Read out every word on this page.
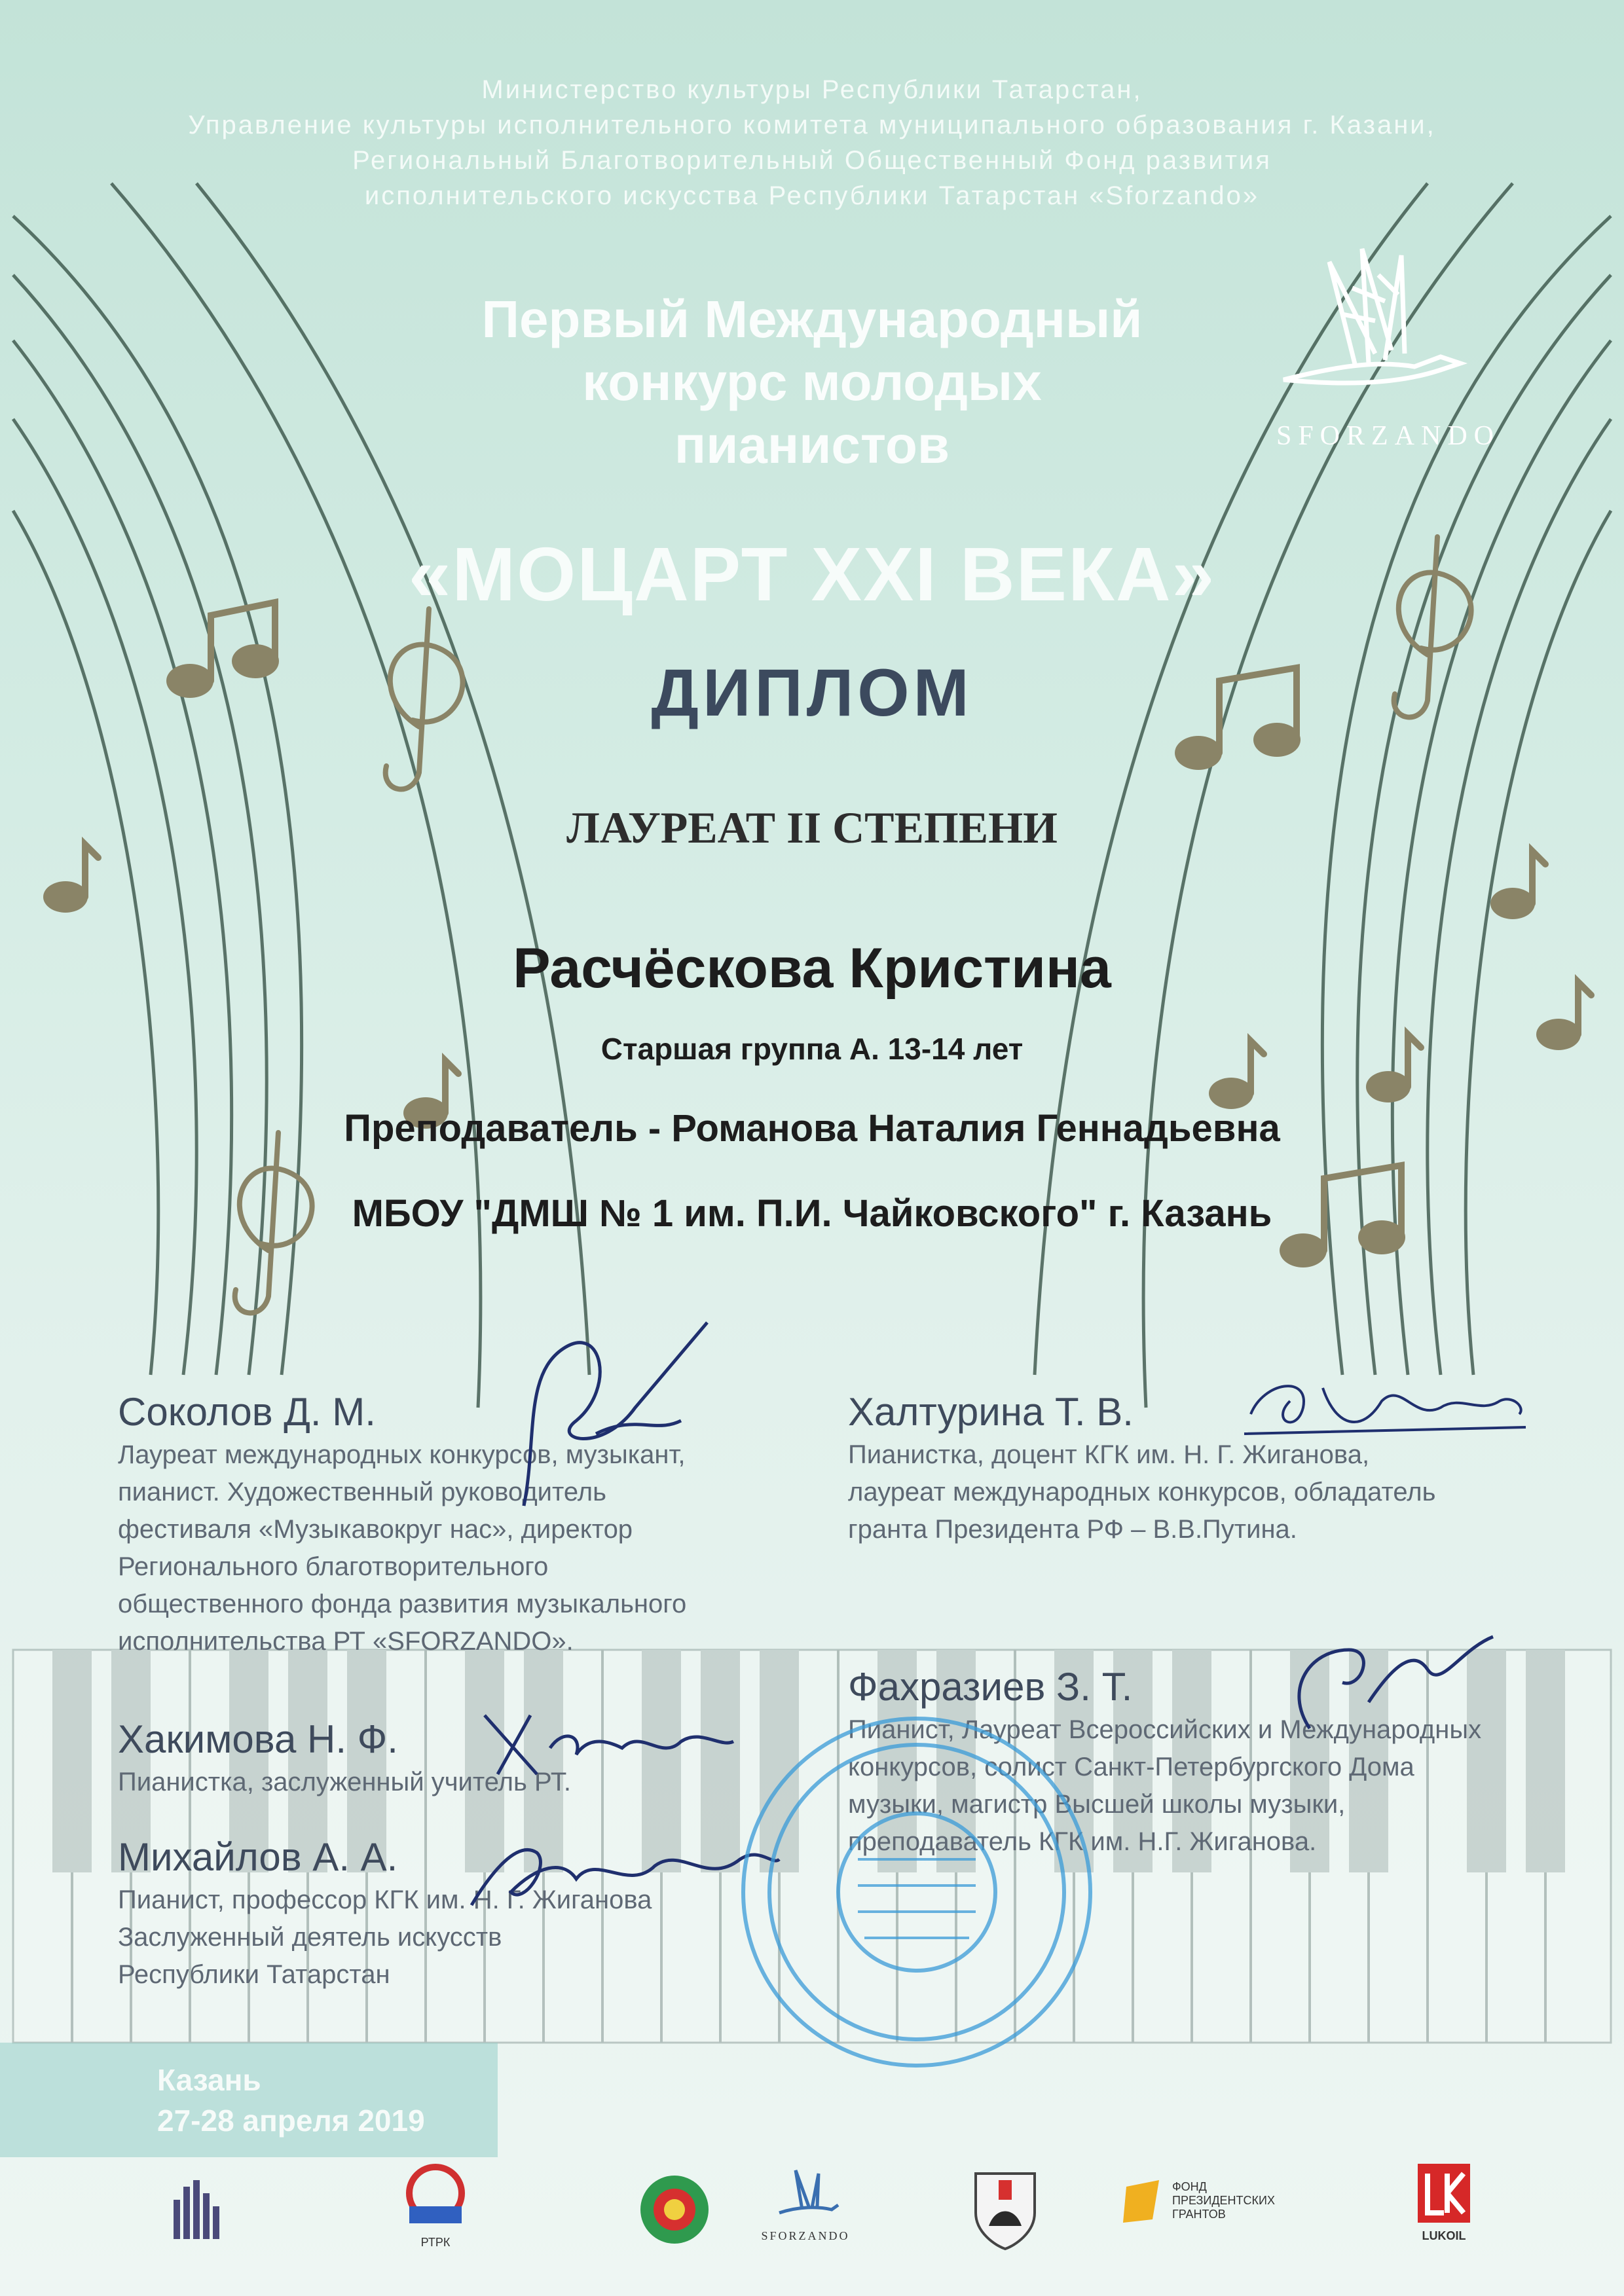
Министерство культуры Республики Татарстан,
Управление культуры исполнительного комитета муниципального образования г. Казани,
Региональный Благотворительный Общественный Фонд развития
исполнительского искусства Республики Татарстан «Sforzando»
SFORZANDO
Первый Международный
конкурс молодых
пианистов
«МОЦАРТ XXI ВЕКА»
ДИПЛОМ
ЛАУРЕАТ II СТЕПЕНИ
Расчёскова Кристина
Старшая группа А. 13-14 лет
Преподаватель - Романова Наталия Геннадьевна
МБОУ "ДМШ № 1 им. П.И. Чайковского" г. Казань
Соколов Д. М.
Лауреат международных конкурсов, музыкант,
пианист. Художественный руководитель
фестиваля «Музыкавокруг нас», директор
Регионального благотворительного
общественного фонда развития музыкального
исполнительства РТ «SFORZANDO».
Халтурина Т. В.
Пианистка, доцент КГК им. Н. Г. Жиганова,
лауреат международных конкурсов, обладатель
гранта Президента РФ – В.В.Путина.
Фахразиев З. Т.
Пианист, Лауреат Всероссийских и Международных
конкурсов, солист Санкт-Петербургского Дома
музыки, магистр Высшей школы музыки,
преподаватель КГК им. Н.Г. Жиганова.
Хакимова Н. Ф.
Пианистка, заслуженный учитель РТ.
Михайлов А. А.
Пианист, профессор КГК им. Н. Г. Жиганова
Заслуженный деятель искусств
Республики Татарстан
Казань
27-28 апреля 2019
РТРК	SFORZANDO
ФОНД
ПРЕЗИДЕНТСКИХ
ГРАНТОВ
LUKOIL
